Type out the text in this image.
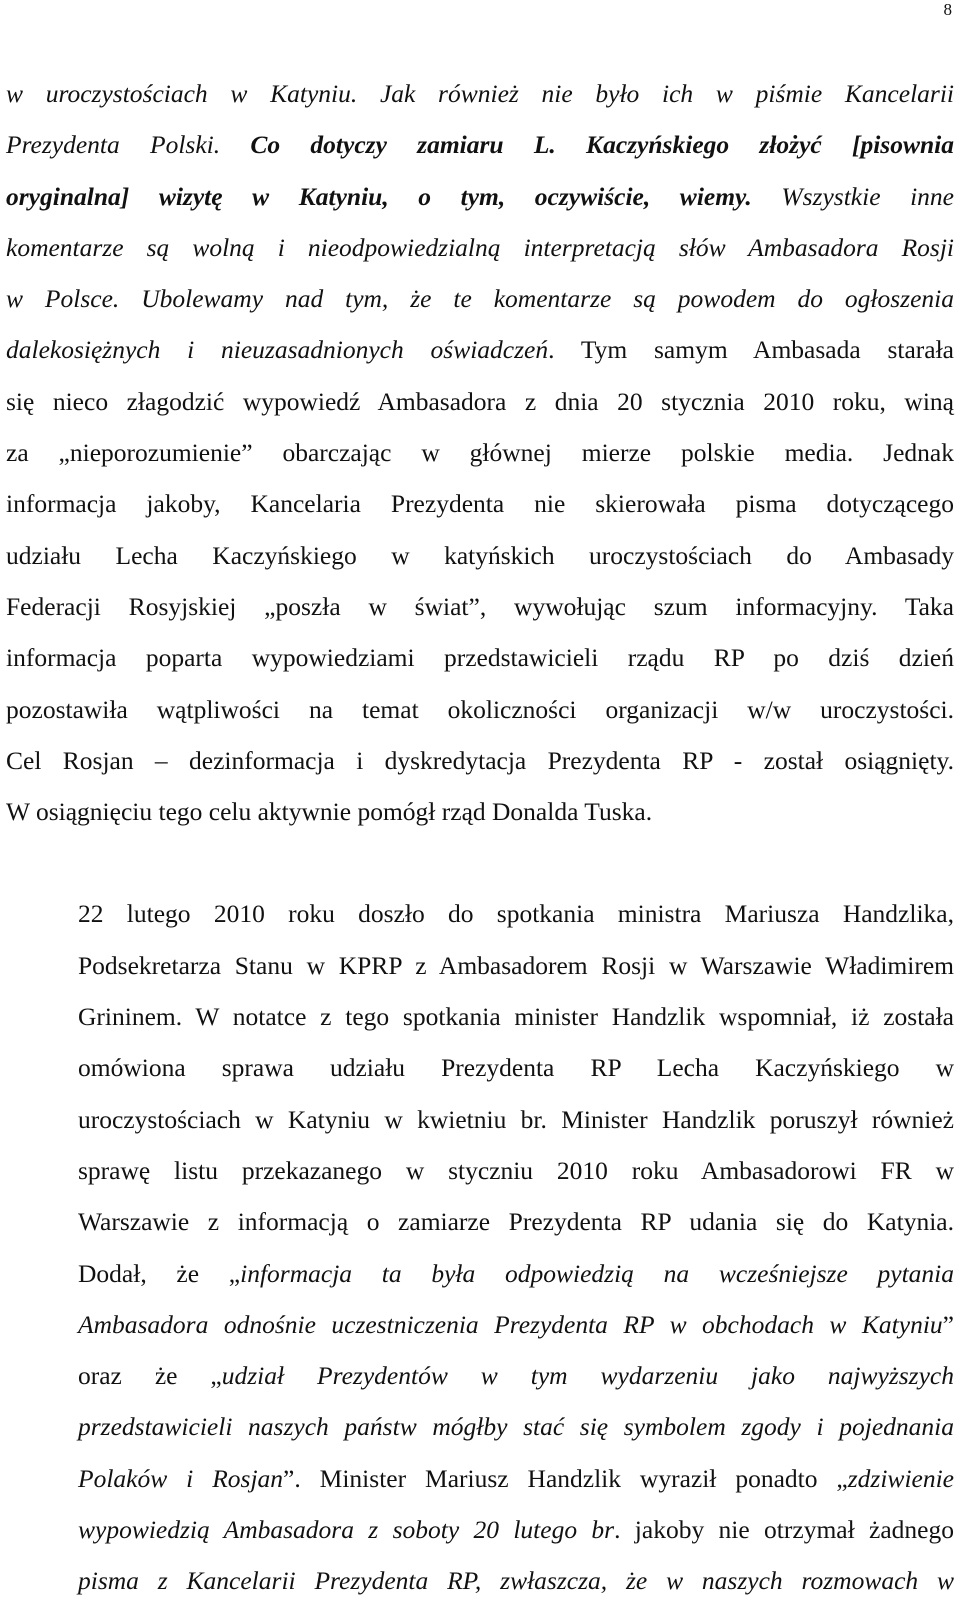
8

w uroczystościach w Katyniu. Jak również nie było ich w piśmie Kancelarii
Prezydenta Polski. Co dotyczy zamiaru L. Kaczyńskiego złożyć [pisownia
oryginalna] wizytę w Katyniu, o tym, oczywiście, wiemy. Wszystkie inne
komentarze są wolną i nieodpowiedzialną interpretacją słów Ambasadora Rosji
w Polsce. Ubolewamy nad tym, że te komentarze są powodem do ogłoszenia
dalekosiężnych i nieuzasadnionych oświadczeń. Tym samym Ambasada starała
się nieco złagodzić wypowiedź Ambasadora z dnia 20 stycznia 2010 roku, winą
za „nieporozumienie” obarczając w głównej mierze polskie media. Jednak
informacja jakoby, Kancelaria Prezydenta nie skierowała pisma dotyczącego
udziału Lecha Kaczyńskiego w katyńskich uroczystościach do Ambasady
Federacji Rosyjskiej „poszła w świat”, wywołując szum informacyjny. Taka
informacja poparta wypowiedziami przedstawicieli rządu RP po dziś dzień
pozostawiła wątpliwości na temat okoliczności organizacji w/w uroczystości.
Cel Rosjan – dezinformacja i dyskredytacja Prezydenta RP - został osiągnięty.
W osiągnięciu tego celu aktywnie pomógł rząd Donalda Tuska.

22 lutego 2010 roku doszło do spotkania ministra Mariusza Handzlika,
Podsekretarza Stanu w KPRP z Ambasadorem Rosji w Warszawie Władimirem
Grininem. W notatce z tego spotkania minister Handzlik wspomniał, iż została
omówiona sprawa udziału Prezydenta RP Lecha Kaczyńskiego w
uroczystościach w Katyniu w kwietniu br. Minister Handzlik poruszył również
sprawę listu przekazanego w styczniu 2010 roku Ambasadorowi FR w
Warszawie z informacją o zamiarze Prezydenta RP udania się do Katynia.
Dodał, że „informacja ta była odpowiedzią na wcześniejsze pytania
Ambasadora odnośnie uczestniczenia Prezydenta RP w obchodach w Katyniu”
oraz że „udział Prezydentów w tym wydarzeniu jako najwyższych
przedstawicieli naszych państw mógłby stać się symbolem zgody i pojednania
Polaków i Rosjan”. Minister Mariusz Handzlik wyraził ponadto „zdziwienie
wypowiedzią Ambasadora z soboty 20 lutego br. jakoby nie otrzymał żadnego
pisma z Kancelarii Prezydenta RP, zwłaszcza, że w naszych rozmowach w
